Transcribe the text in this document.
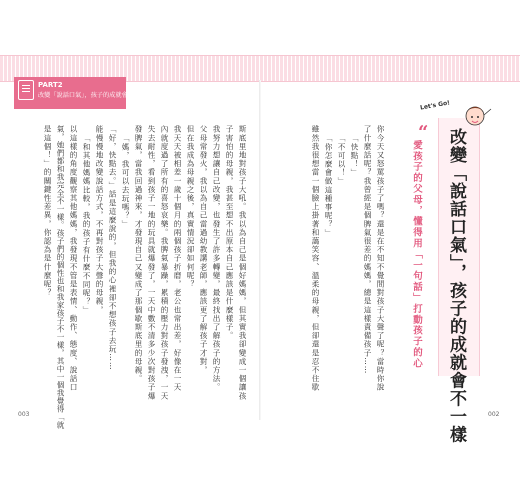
PART2
改變「說話口氣」，孩子的成就會不一樣
Let's Go!
改變「說話口氣」，孩子的成就會不一樣
“
愛孩子的父母，懂得用「一句話」打動孩子的心
你今天又怒罵孩子了嗎？還是在不知不覺間對孩子大聲了呢？當時你說
了什麼話呢？我曾經是個脾氣很差的媽媽，總是這樣責備孩子……
「快點！」
「不可以！」
「你怎麼會做這種事呢？」
雖然我很想當一個臉上掛著和藹笑容、溫柔的母親，但卻還是忍不住歇
斯底里地對孩子大吼。我以為自己是個好媽媽，但其實我卻變成一個讓孩
子害怕的母親，我甚至想不出原本自己應該是什麼樣子。
我努力想讓自己改變，也發生了許多轉變，最終找出了解孩子的方法。
父母常發火，我以為自己當過幼教講老師，應該更了解孩子才對，
但在我成為母親之後，真實情況卻如何呢？
我天天被相差一歲十個月的兩個孩子折磨，老公也常出差，好像在一天
內就度過了所有的喜怒哀樂。我脾氣暴躁，累積的壓力對孩子發洩，一天
失去耐性，看到孩子一地的玩具就爆發了，一天中數不清多少次對孩子爆
發脾氣，當我回過神來，才發現自己又變成了那個歇斯底里的母親。
「媽，我可以去玩嗎？」
「好，快點去。」話是這麼說的，但我的心裡卻不想孩子去玩……
能慢慢地改變說話方式，不再對孩子大聲的母親，
「和其他媽媽比較，我的孩子有什麼不同呢？」
以這樣的角度觀察其他媽媽，我發現不管是表情、動作、態度、說話口
氣，她們都和我完全不一樣。孩子們的個性也和我家孩子不一樣，其中一個我覺得「就
是這個！」的關鍵性差異，你認為是什麼呢？
003	002
